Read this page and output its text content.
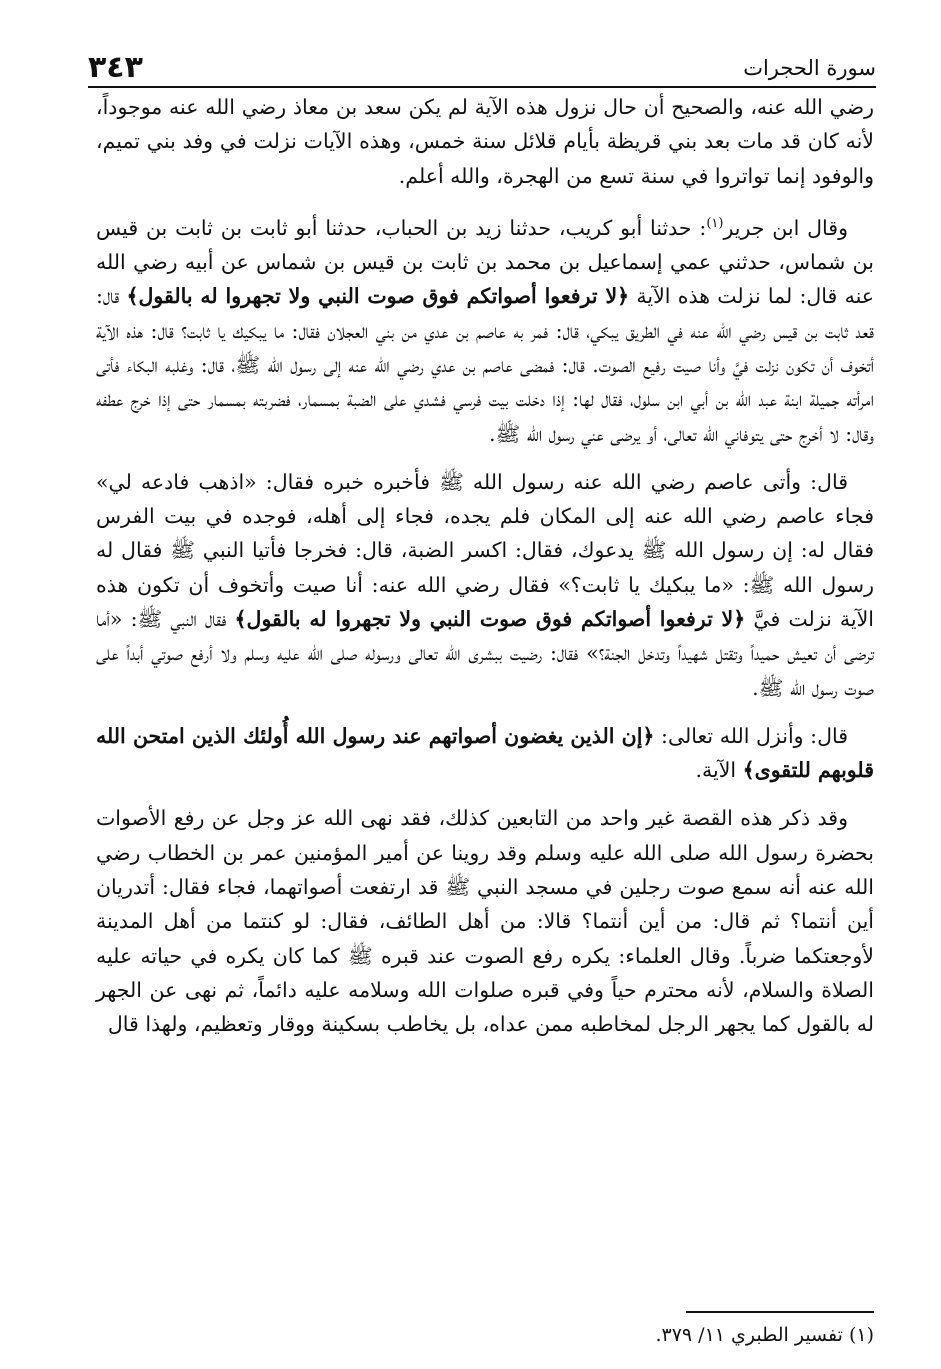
٣٤٣	سورة الحجرات

رضي الله عنه، والصحيح أن حال نزول هذه الآية لم يكن سعد بن معاذ رضي الله عنه موجوداً، لأنه كان قد مات بعد بني قريظة بأيام قلائل سنة خمس، وهذه الآيات نزلت في وفد بني تميم، والوفود إنما تواتروا في سنة تسع من الهجرة، والله أعلم.

وقال ابن جرير$^{(١)}$: حدثنا أبو كريب، حدثنا زيد بن الحباب، حدثنا أبو ثابت بن ثابت بن قيس بن شماس، حدثني عمي إسماعيل بن محمد بن ثابت بن قيس بن شماس عن أبيه رضي الله عنه قال: لما نزلت هذه الآية ﴿لا ترفعوا أصواتكم فوق صوت النبي ولا تجهروا له بالقول﴾ قال: قعد ثابت بن قيس رضي الله عنه في الطريق يبكي، قال: فمر به عاصم بن عدي من بني العجلان فقال: ما يبكيك يا ثابت؟ قال: هذه الآية أتخوف أن تكون نزلت فيَّ وأنا صيت رفيع الصوت. قال: فمضى عاصم بن عدي رضي الله عنه إلى رسول الله ﷺ، قال: وغلبه البكاء فأتى امرأته جميلة ابنة عبد الله بن أبي ابن سلول، فقال لها: إذا دخلت بيت فرسي فشدي على الضبة بمسمار، فضربته بمسمار حتى إذا خرج عطفه وقال: لا أخرج حتى يتوفاني الله تعالى، أو يرضى عني رسول الله ﷺ.

قال: وأتى عاصم رضي الله عنه رسول الله ﷺ فأخبره خبره فقال: «اذهب فادعه لي» فجاء عاصم رضي الله عنه إلى المكان فلم يجده، فجاء إلى أهله، فوجده في بيت الفرس فقال له: إن رسول الله ﷺ يدعوك، فقال: اكسر الضبة، قال: فخرجا فأتيا النبي ﷺ فقال له رسول الله ﷺ: «ما يبكيك يا ثابت؟» فقال رضي الله عنه: أنا صيت وأتخوف أن تكون هذه الآية نزلت فيَّ ﴿لا ترفعوا أصواتكم فوق صوت النبي ولا تجهروا له بالقول﴾ فقال النبي ﷺ: «أما ترضى أن تعيش حميداً وتقتل شهيداً وتدخل الجنة؟» فقال: رضيت ببشرى الله تعالى ورسوله صلى الله عليه وسلم ولا أرفع صوتي أبداً على صوت رسول الله ﷺ.

قال: وأنزل الله تعالى: ﴿إن الذين يغضون أصواتهم عند رسول الله أُولئك الذين امتحن الله قلوبهم للتقوى﴾ الآية.

وقد ذكر هذه القصة غير واحد من التابعين كذلك، فقد نهى الله عز وجل عن رفع الأصوات بحضرة رسول الله صلى الله عليه وسلم وقد روينا عن أمير المؤمنين عمر بن الخطاب رضي الله عنه أنه سمع صوت رجلين في مسجد النبي ﷺ قد ارتفعت أصواتهما، فجاء فقال: أتدريان أين أنتما؟ ثم قال: من أين أنتما؟ قالا: من أهل الطائف، فقال: لو كنتما من أهل المدينة لأوجعتكما ضرباً. وقال العلماء: يكره رفع الصوت عند قبره ﷺ كما كان يكره في حياته عليه الصلاة والسلام، لأنه محترم حياً وفي قبره صلوات الله وسلامه عليه دائماً، ثم نهى عن الجهر له بالقول كما يجهر الرجل لمخاطبه ممن عداه، بل يخاطب بسكينة ووقار وتعظيم، ولهذا قال

(١) تفسير الطبري ١١/ ٣٧٩.
